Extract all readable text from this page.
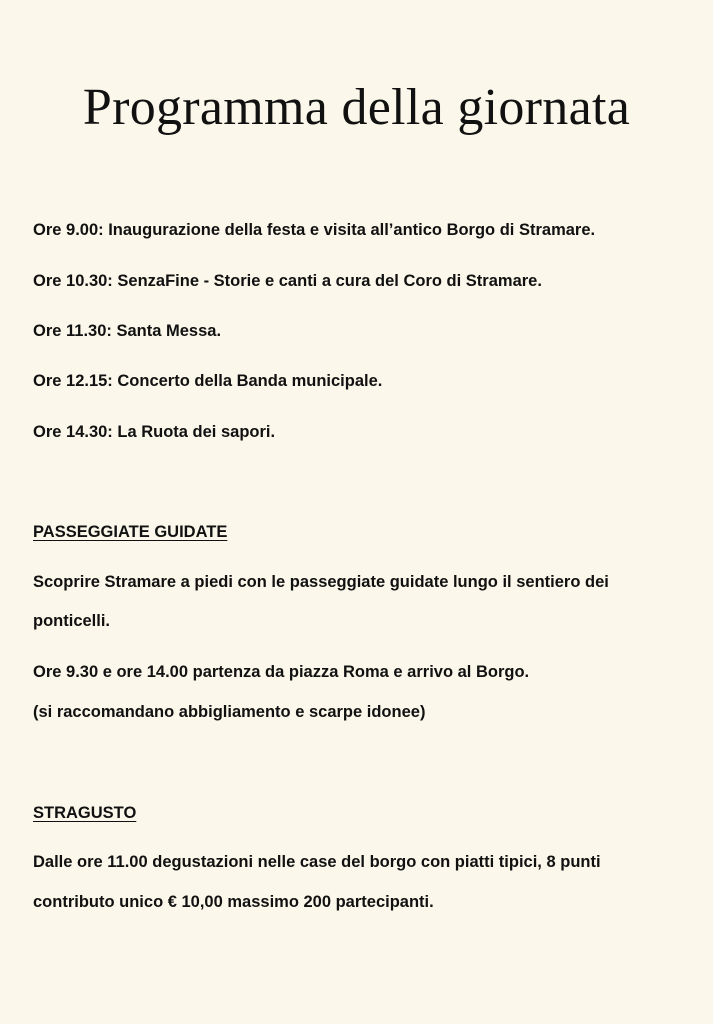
Programma della giornata
Ore 9.00: Inaugurazione della festa e visita all’antico Borgo di Stramare.
Ore 10.30: SenzaFine - Storie e canti a cura del Coro di Stramare.
Ore 11.30: Santa Messa.
Ore 12.15: Concerto della Banda municipale.
Ore 14.30: La Ruota dei sapori.
PASSEGGIATE GUIDATE
Scoprire Stramare a piedi con le passeggiate guidate lungo il sentiero dei
ponticelli.
Ore 9.30 e ore 14.00 partenza da piazza Roma e arrivo al Borgo.
(si raccomandano abbigliamento e scarpe idonee)
STRAGUSTO
Dalle ore 11.00 degustazioni nelle case del borgo con piatti tipici, 8 punti
contributo unico € 10,00 massimo 200 partecipanti.
